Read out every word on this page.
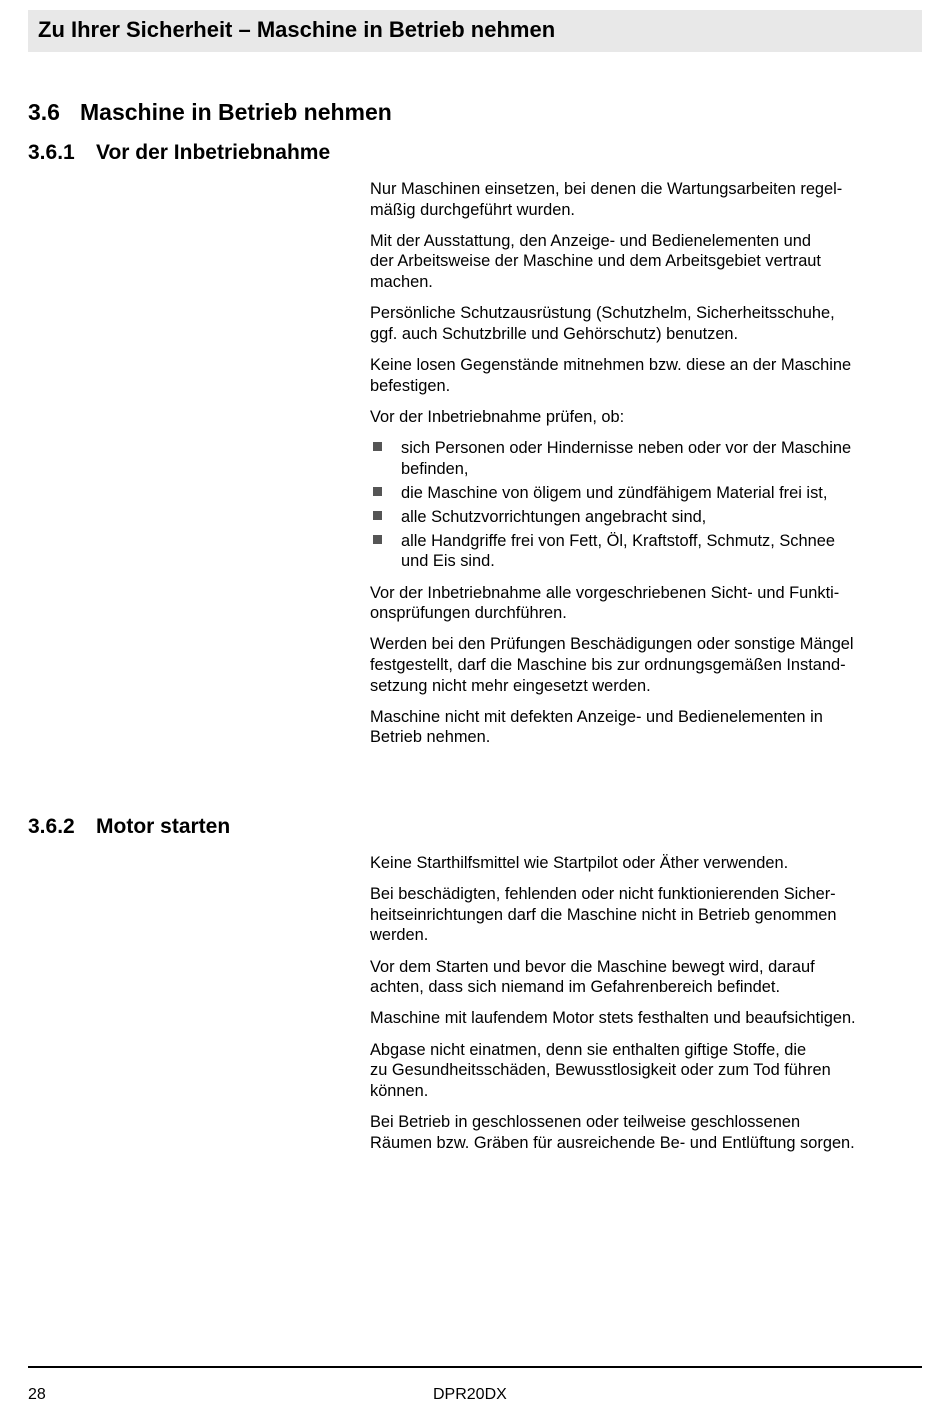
Zu Ihrer Sicherheit – Maschine in Betrieb nehmen
3.6 Maschine in Betrieb nehmen
3.6.1 Vor der Inbetriebnahme

Nur Maschinen einsetzen, bei denen die Wartungsarbeiten regel-
mäßig durchgeführt wurden.

Mit der Ausstattung, den Anzeige- und Bedienelementen und
der Arbeitsweise der Maschine und dem Arbeitsgebiet vertraut
machen.

Persönliche Schutzausrüstung (Schutzhelm, Sicherheitsschuhe,
ggf. auch Schutzbrille und Gehörschutz) benutzen.

Keine losen Gegenstände mitnehmen bzw. diese an der Maschine
befestigen.

Vor der Inbetriebnahme prüfen, ob:

sich Personen oder Hindernisse neben oder vor der Maschine
befinden,
die Maschine von öligem und zündfähigem Material frei ist,
alle Schutzvorrichtungen angebracht sind,
alle Handgriffe frei von Fett, Öl, Kraftstoff, Schmutz, Schnee
und Eis sind.

Vor der Inbetriebnahme alle vorgeschriebenen Sicht- und Funkti-
onsprüfungen durchführen.

Werden bei den Prüfungen Beschädigungen oder sonstige Mängel
festgestellt, darf die Maschine bis zur ordnungsgemäßen Instand-
setzung nicht mehr eingesetzt werden.

Maschine nicht mit defekten Anzeige- und Bedienelementen in
Betrieb nehmen.

3.6.2 Motor starten

Keine Starthilfsmittel wie Startpilot oder Äther verwenden.

Bei beschädigten, fehlenden oder nicht funktionierenden Sicher-
heitseinrichtungen darf die Maschine nicht in Betrieb genommen
werden.

Vor dem Starten und bevor die Maschine bewegt wird, darauf
achten, dass sich niemand im Gefahrenbereich befindet.

Maschine mit laufendem Motor stets festhalten und beaufsichtigen.

Abgase nicht einatmen, denn sie enthalten giftige Stoffe, die
zu Gesundheitsschäden, Bewusstlosigkeit oder zum Tod führen
können.

Bei Betrieb in geschlossenen oder teilweise geschlossenen
Räumen bzw. Gräben für ausreichende Be- und Entlüftung sorgen.

28	DPR20DX
